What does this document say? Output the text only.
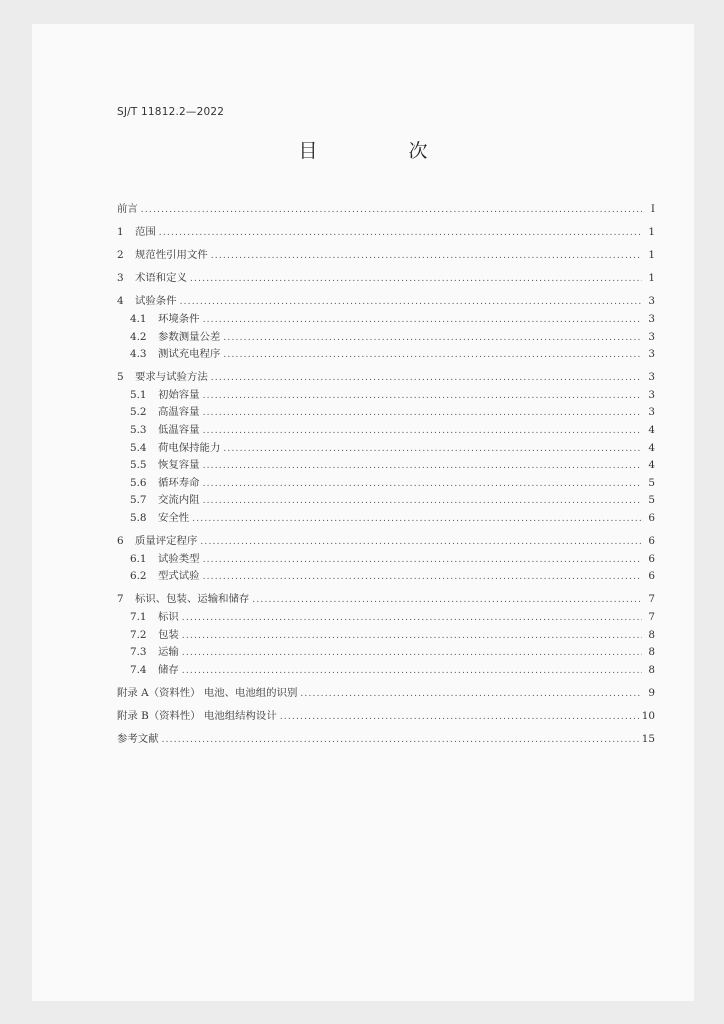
SJ/T 11812.2—2022
目　次
前言 .....	I
1	范围 .....	1
2	规范性引用文件 .....	1
3	术语和定义 .....	1
4	试验条件 .....	3
4.1	环境条件 .....	3
4.2	参数测量公差 .....	3
4.3	测试充电程序 .....	3
5	要求与试验方法 .....	3
5.1	初始容量 .....	3
5.2	高温容量 .....	3
5.3	低温容量 .....	4
5.4	荷电保持能力 .....	4
5.5	恢复容量 .....	4
5.6	循环寿命 .....	5
5.7	交流内阻 .....	5
5.8	安全性 .....	6
6	质量评定程序 .....	6
6.1	试验类型 .....	6
6.2	型式试验 .....	6
7	标识、包装、运输和储存 .....	7
7.1	标识 .....	7
7.2	包装 .....	8
7.3	运输 .....	8
7.4	储存 .....	8
附录 A（资料性） 电池、电池组的识别 .....	9
附录 B（资料性） 电池组结构设计 .....	10
参考文献 .....	15
